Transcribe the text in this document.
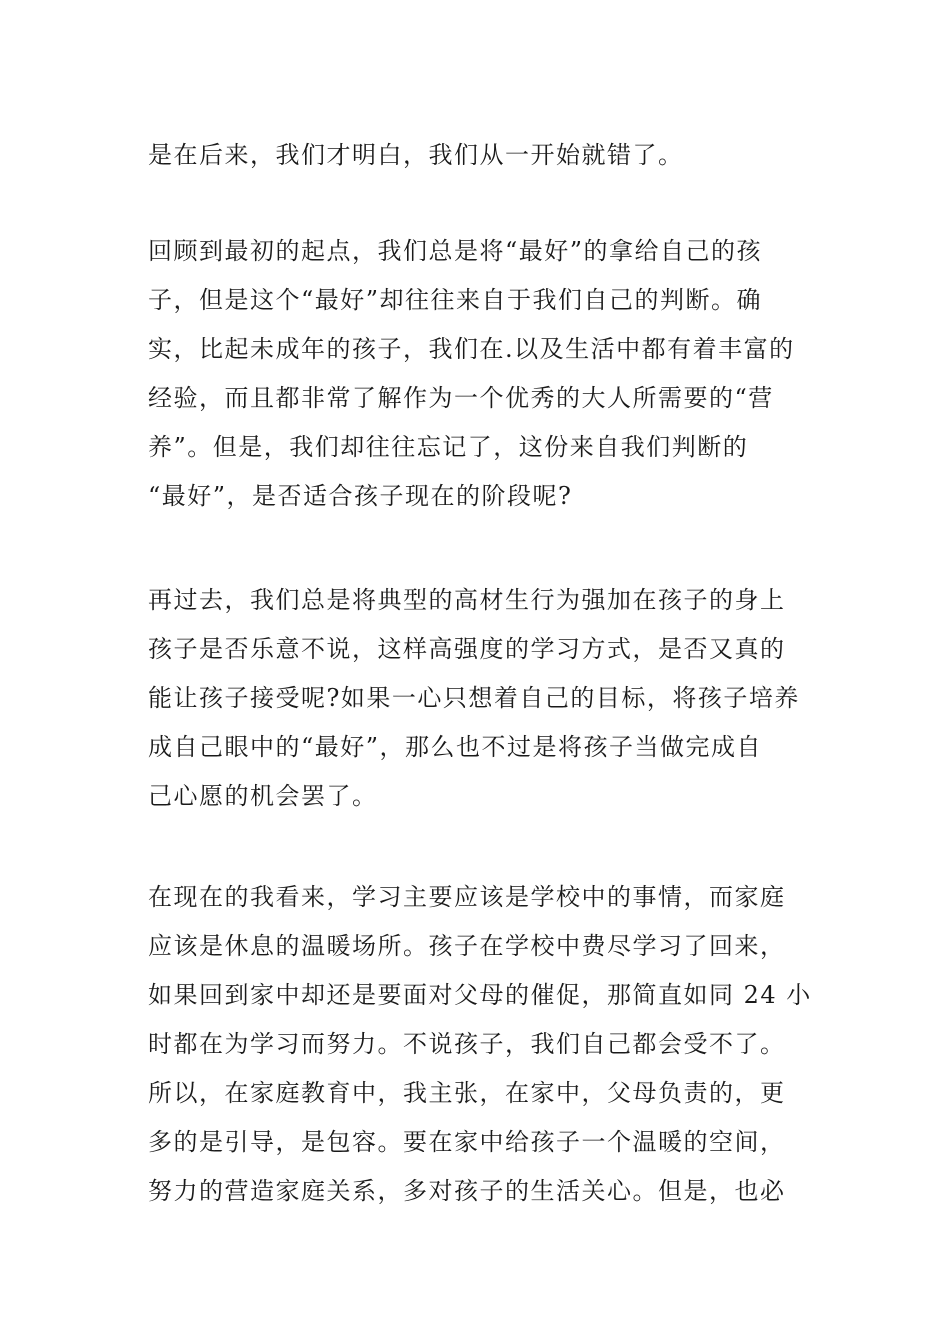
是在后来，我们才明白，我们从一开始就错了。
回顾到最初的起点，我们总是将“最好”的拿给自己的孩
子，但是这个“最好”却往往来自于我们自己的判断。确
实，比起未成年的孩子，我们在.以及生活中都有着丰富的
经验，而且都非常了解作为一个优秀的大人所需要的“营
养”。但是，我们却往往忘记了，这份来自我们判断的
“最好”，是否适合孩子现在的阶段呢?
再过去，我们总是将典型的高材生行为强加在孩子的身上
孩子是否乐意不说，这样高强度的学习方式，是否又真的
能让孩子接受呢?如果一心只想着自己的目标，将孩子培养
成自己眼中的“最好”，那么也不过是将孩子当做完成自
己心愿的机会罢了。
在现在的我看来，学习主要应该是学校中的事情，而家庭
应该是休息的温暖场所。孩子在学校中费尽学习了回来，
如果回到家中却还是要面对父母的催促，那简直如同 24 小
时都在为学习而努力。不说孩子，我们自己都会受不了。
所以，在家庭教育中，我主张，在家中，父母负责的，更
多的是引导，是包容。要在家中给孩子一个温暖的空间，
努力的营造家庭关系，多对孩子的生活关心。但是，也必
